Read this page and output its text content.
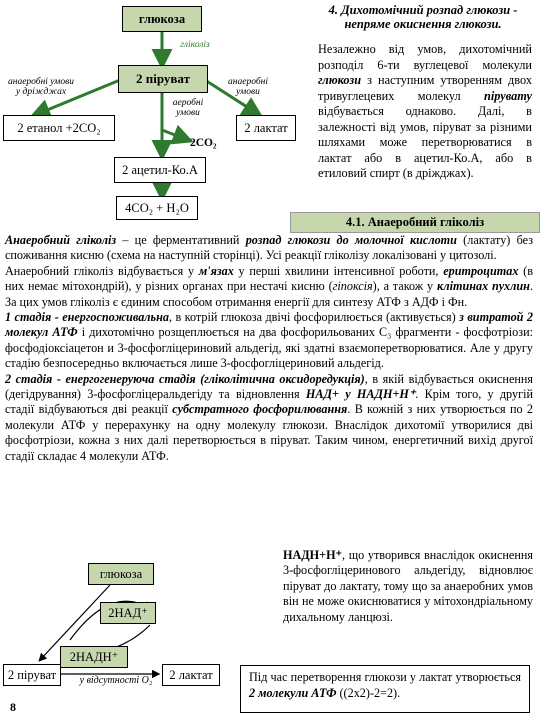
глюкоза
гліколіз
2 піруват
анаеробні умови
у дріжджах
аеробні
умови
анаеробні
умови
2 етанол +2СО₂	2 лактат
2СО₂
2 ацетил-Ко.А
4СО₂ + Н₂О
4. Дихотомічний розпад глюкози - непряме окиснення глюкози.
Незалежно від умов, дихотомічний розподіл 6-ти вуглецевої молекули глюкози з наступним утворенням двох тривуглецевих молекул пірувату відбувається однаково. Далі, в залежності від умов, піруват за різними шляхами може перетворюватися в лактат або в ацетил-Ко.А, або в етиловий спирт (в дріжджах).
4.1. Анаеробний гліколіз

Анаеробний гліколіз – це ферментативний розпад глюкози до молочної кислоти (лактату) без споживання кисню (схема на наступній сторінці). Усі реакції гліколізу локалізовані у цитозолі.

Анаеробний гліколіз відбувається у м'язах у перші хвилини інтенсивної роботи, еритроцитах (в них немає мітохондрій), у різних органах при нестачі кисню (гіпоксія), а також у клітинах пухлин. За цих умов гліколіз є єдиним способом отримання енергії для синтезу АТФ з АДФ і Фн.

1 стадія - енергоспоживальна, в котрій глюкоза двічі фосфорилюється (активується) з витратой 2 молекул АТФ і дихотомічно розщеплюється на два фосфорильованих С₃ фрагменти - фосфотріози: фосфодіоксіацетон и 3-фосфогліцериновий альдегід, які здатні взаємоперетворюватися. Але у другу стадію безпосередньо включається лише 3-фосфогліцериновий альдегід.

2 стадія - енергогенеруюча стадія (гліколітична оксидоредукція), в якій відбувається окиснення (дегідрування) 3-фосфогліцеральдегіду та відновлення НАД+ у НАДН+Н⁺. Крім того, у другій стадії відбуваються дві реакції субстратного фосфорилювання. В кожній з них утворюється по 2 молекули АТФ у перерахунку на одну молекулу глюкози. Внаслідок дихотомії утворилися дві фосфотріози, кожна з них далі перетворюється в піруват. Таким чином, енергетичний вихід другої стадії складає 4 молекули АТФ.

глюкоза
2НАД⁺
2НАДН⁺
2 піруват	2 лактат
у відсутності О₂
НАДН+Н⁺, що утворився внаслідок окиснення 3-фосфогліцеринового альдегіду, відновлює піруват до лактату, тому що за анаеробних умов він не може окиснюватися у мітохондріальному дихальному ланцюзі.
Під час перетворення глюкози у лактат утворюється 2 молекули АТФ ((2х2)-2=2).
8
